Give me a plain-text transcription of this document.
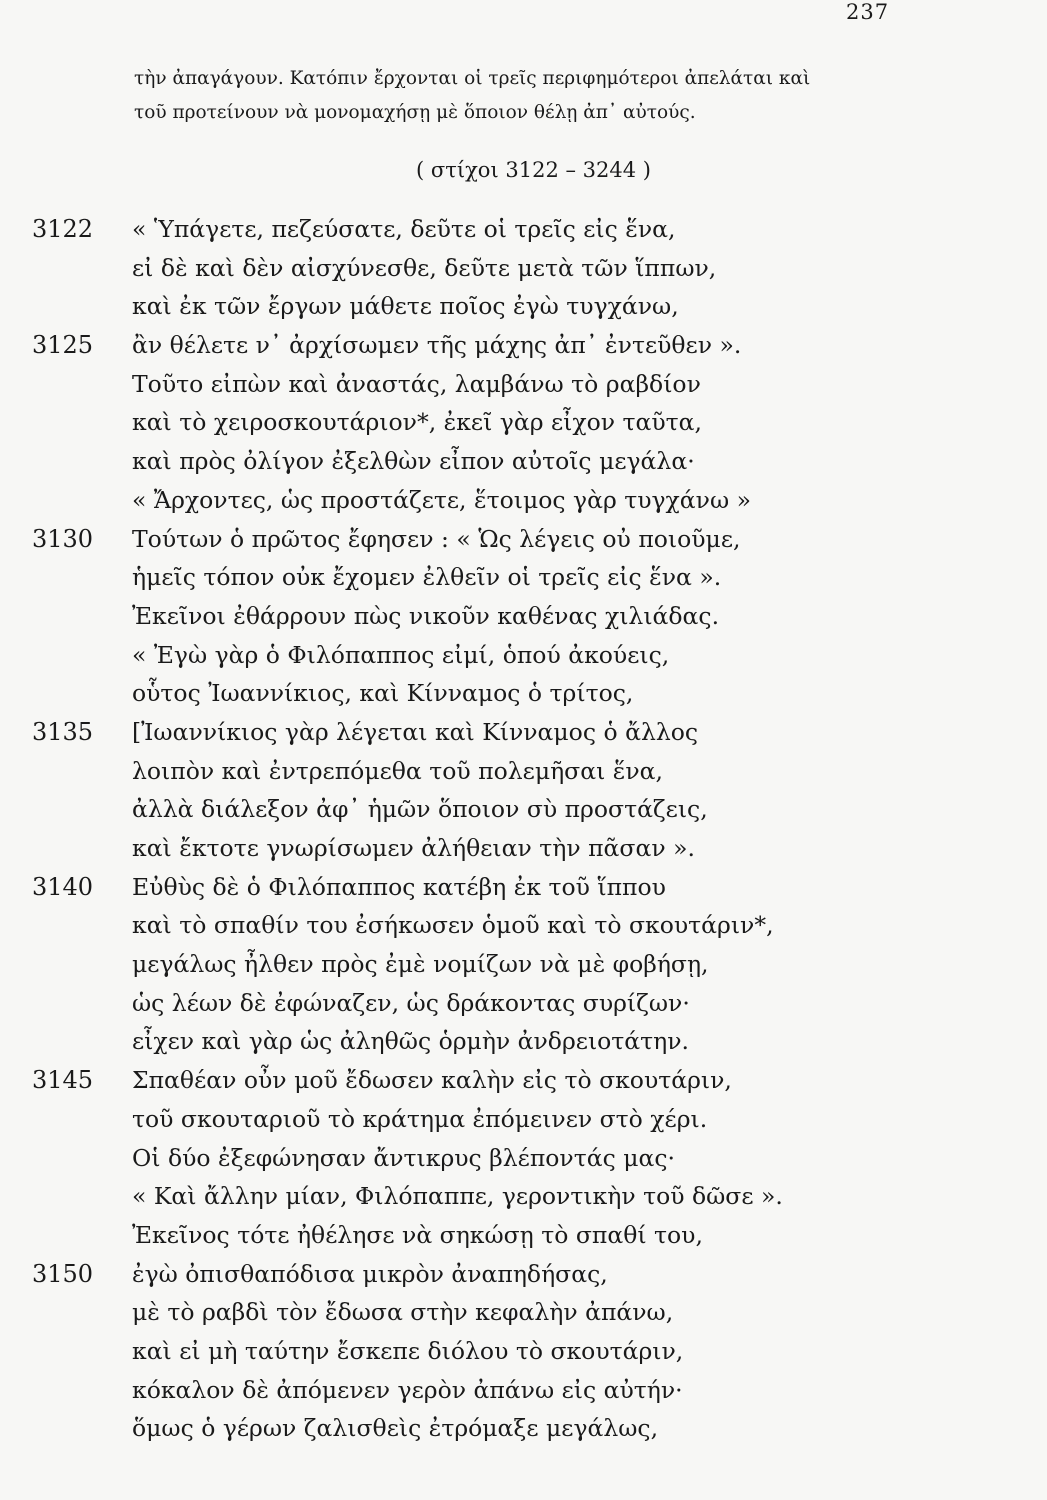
237
τὴν ἀπαγάγουν. Κατόπιν ἔρχονται οἱ τρεῖς περιφημότεροι ἀπελάται καὶ
τοῦ προτείνουν νὰ μονομαχήσῃ μὲ ὅποιον θέλῃ ἀπ᾽ αὐτούς.
( στίχοι 3122 – 3244 )
3122	« Ὑπάγετε, πεζεύσατε, δεῦτε οἱ τρεῖς εἰς ἕνα,
εἰ δὲ καὶ δὲν αἰσχύνεσθε, δεῦτε μετὰ τῶν ἵππων,
καὶ ἐκ τῶν ἔργων μάθετε ποῖος ἐγὼ τυγχάνω,
3125	ἂν θέλετε ν᾽ ἀρχίσωμεν τῆς μάχης ἀπ᾽ ἐντεῦθεν ».
Τοῦτο εἰπὼν καὶ ἀναστάς, λαμβάνω τὸ ραβδίον
καὶ τὸ χειροσκουτάριον*, ἐκεῖ γὰρ εἶχον ταῦτα,
καὶ πρὸς ὀλίγον ἐξελθὼν εἶπον αὐτοῖς μεγάλα·
« Ἄρχοντες, ὡς προστάζετε, ἕτοιμος γὰρ τυγχάνω »
3130	Τούτων ὁ πρῶτος ἔφησεν : « Ὡς λέγεις οὐ ποιοῦμε,
ἡμεῖς τόπον οὐκ ἔχομεν ἐλθεῖν οἱ τρεῖς εἰς ἕνα ».
Ἐκεῖνοι ἐθάρρουν πὼς νικοῦν καθένας χιλιάδας.
« Ἐγὼ γὰρ ὁ Φιλόπαππος εἰμί, ὁπού ἀκούεις,
οὗτος Ἰωαννίκιος, καὶ Κίνναμος ὁ τρίτος,
3135	[Ἰωαννίκιος γὰρ λέγεται καὶ Κίνναμος ὁ ἄλλος
λοιπὸν καὶ ἐντρεπόμεθα τοῦ πολεμῆσαι ἕνα,
ἀλλὰ διάλεξον ἀφ᾽ ἡμῶν ὅποιον σὺ προστάζεις,
καὶ ἔκτοτε γνωρίσωμεν ἀλήθειαν τὴν πᾶσαν ».
3140	Εὐθὺς δὲ ὁ Φιλόπαππος κατέβη ἐκ τοῦ ἵππου
καὶ τὸ σπαθίν του ἐσήκωσεν ὁμοῦ καὶ τὸ σκουτάριν*,
μεγάλως ἦλθεν πρὸς ἐμὲ νομίζων νὰ μὲ φοβήσῃ,
ὡς λέων δὲ ἐφώναζεν, ὡς δράκοντας συρίζων·
εἶχεν καὶ γὰρ ὡς ἀληθῶς ὁρμὴν ἀνδρειοτάτην.
3145	Σπαθέαν οὖν μοῦ ἔδωσεν καλὴν εἰς τὸ σκουτάριν,
τοῦ σκουταριοῦ τὸ κράτημα ἐπόμεινεν στὸ χέρι.
Οἱ δύο ἐξεφώνησαν ἄντικρυς βλέποντάς μας·
« Καὶ ἄλλην μίαν, Φιλόπαππε, γεροντικὴν τοῦ δῶσε ».
Ἐκεῖνος τότε ἠθέλησε νὰ σηκώσῃ τὸ σπαθί του,
3150	ἐγὼ ὀπισθαπόδισα μικρὸν ἀναπηδήσας,
μὲ τὸ ραβδὶ τὸν ἔδωσα στὴν κεφαλὴν ἀπάνω,
καὶ εἰ μὴ ταύτην ἔσκεπε διόλου τὸ σκουτάριν,
κόκαλον δὲ ἀπόμενεν γερὸν ἀπάνω εἰς αὐτήν·
ὅμως ὁ γέρων ζαλισθεὶς ἐτρόμαξε μεγάλως,
